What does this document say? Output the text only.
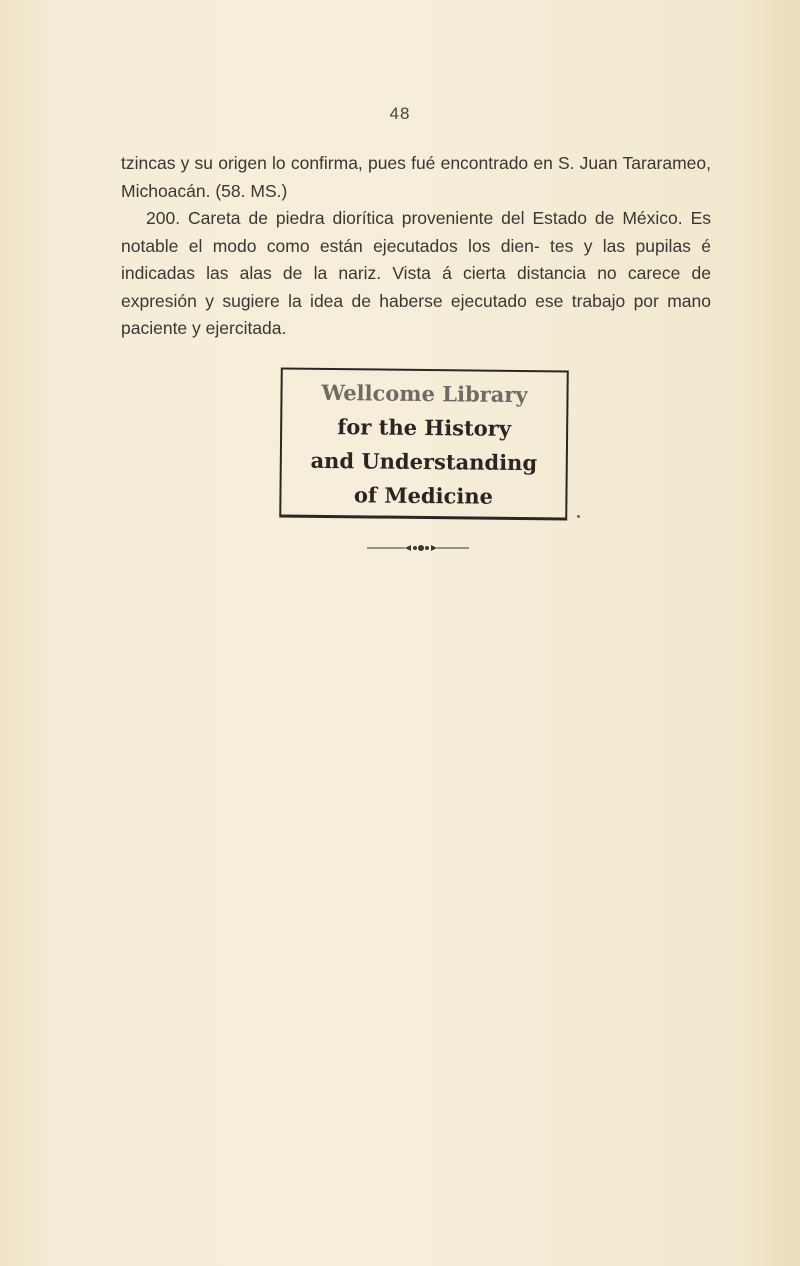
48

tzincas y su origen lo confirma, pues fué encontrado en S. Juan Tararameo, Michoacán. (58. MS.)

200. Careta de piedra diorítica proveniente del Estado de México. Es notable el modo como están ejecutados los dien- tes y las pupilas é indicadas las alas de la nariz. Vista á cierta distancia no carece de expresión y sugiere la idea de haberse ejecutado ese trabajo por mano paciente y ejercitada.

Wellcome Library
for the History
and Understanding
of Medicine
